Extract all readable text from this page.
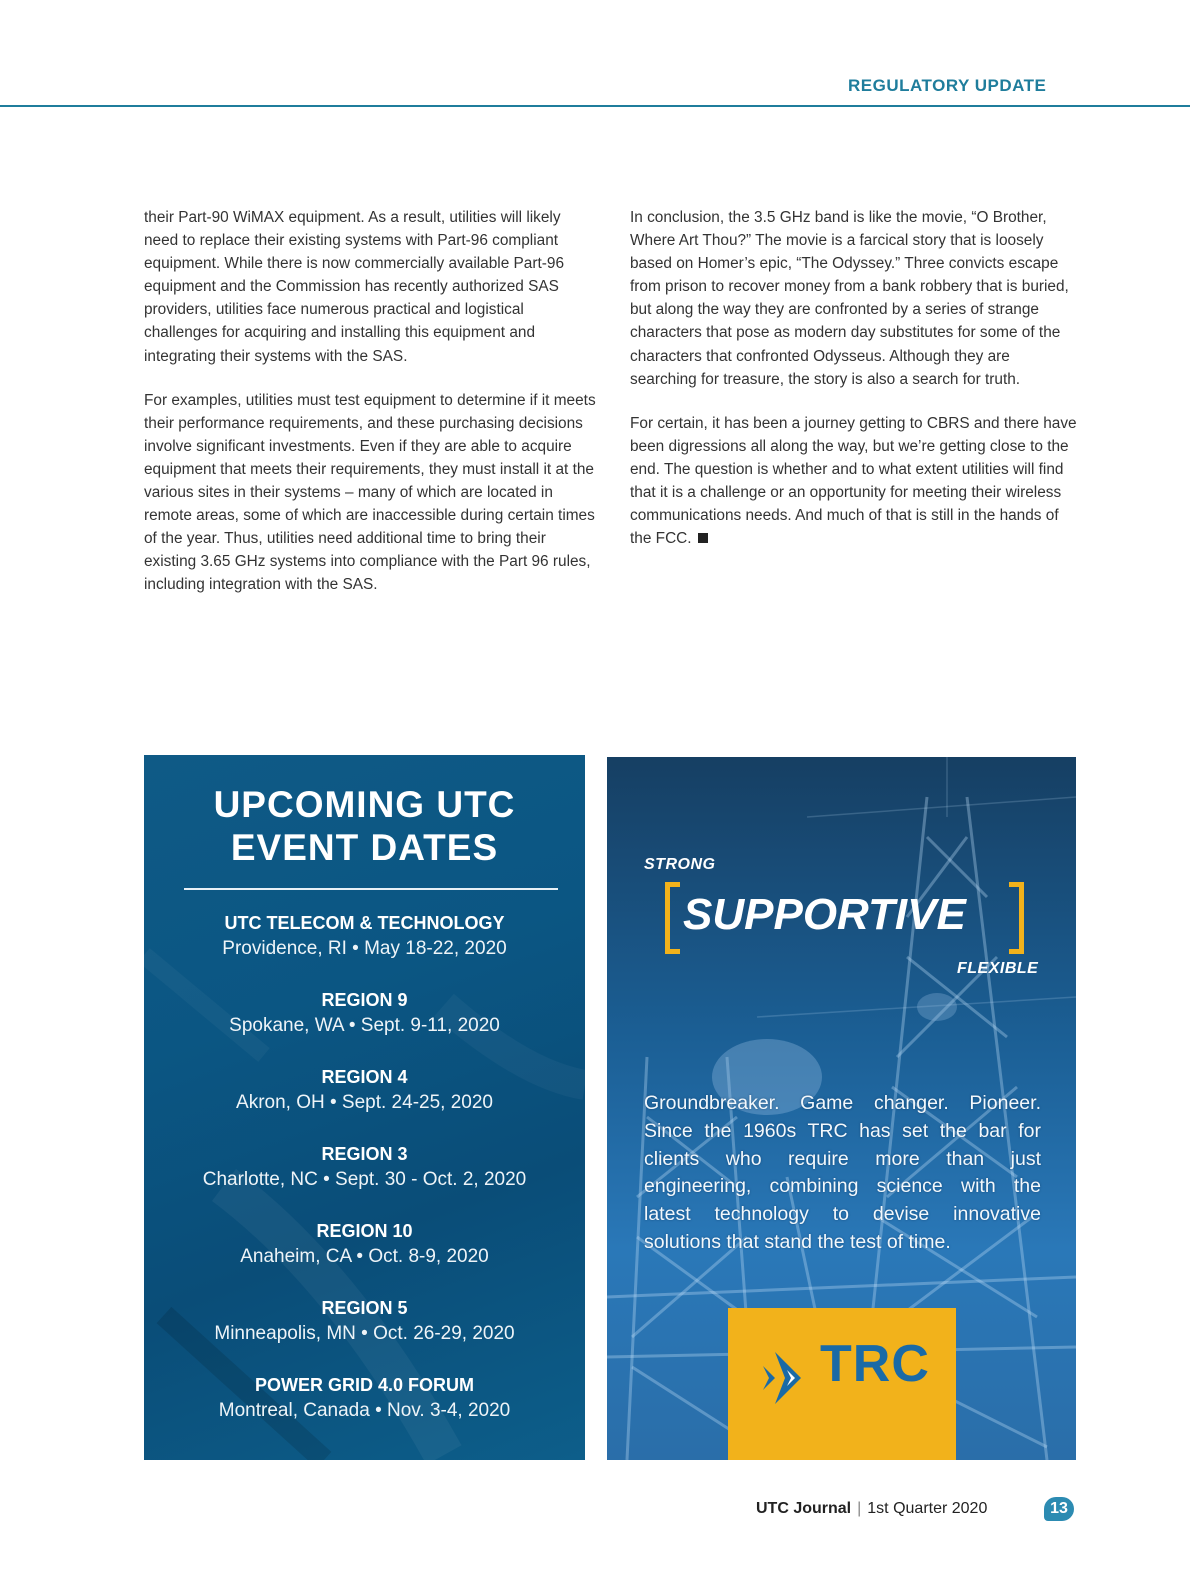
REGULATORY UPDATE

their Part-90 WiMAX equipment. As a result, utilities will likely need to replace their existing systems with Part-96 compliant equipment. While there is now commercially available Part-96 equipment and the Commission has recently authorized SAS providers, utilities face numerous practical and logistical challenges for acquiring and installing this equipment and integrating their systems with the SAS.

For examples, utilities must test equipment to determine if it meets their performance requirements, and these purchasing decisions involve significant investments. Even if they are able to acquire equipment that meets their requirements, they must install it at the various sites in their systems – many of which are located in remote areas, some of which are inaccessible during certain times of the year. Thus, utilities need additional time to bring their existing 3.65 GHz systems into compliance with the Part 96 rules, including integration with the SAS.

In conclusion, the 3.5 GHz band is like the movie, “O Brother, Where Art Thou?” The movie is a farcical story that is loosely based on Homer’s epic, “The Odyssey.” Three convicts escape from prison to recover money from a bank robbery that is buried, but along the way they are confronted by a series of strange characters that pose as modern day substitutes for some of the characters that confronted Odysseus. Although they are searching for treasure, the story is also a search for truth.

For certain, it has been a journey getting to CBRS and there have been digressions all along the way, but we’re getting close to the end. The question is whether and to what extent utilities will find that it is a challenge or an opportunity for meeting their wireless communications needs. And much of that is still in the hands of the FCC.

UPCOMING UTC
EVENT DATES
UTC TELECOM & TECHNOLOGY
Providence, RI • May 18-22, 2020
REGION 9
Spokane, WA • Sept. 9-11, 2020
REGION 4
Akron, OH • Sept. 24-25, 2020
REGION 3
Charlotte, NC • Sept. 30 - Oct. 2, 2020
REGION 10
Anaheim, CA • Oct. 8-9, 2020
REGION 5
Minneapolis, MN • Oct. 26-29, 2020
POWER GRID 4.0 FORUM
Montreal, Canada • Nov. 3-4, 2020
STRONG
SUPPORTIVE
FLEXIBLE
Groundbreaker. Game changer. Pioneer. Since the 1960s TRC has set the bar for clients who require more than just engineering, combining science with the latest technology to devise innovative solutions that stand the test of time.
TRC
UTC Journal | 1st Quarter 2020	13
